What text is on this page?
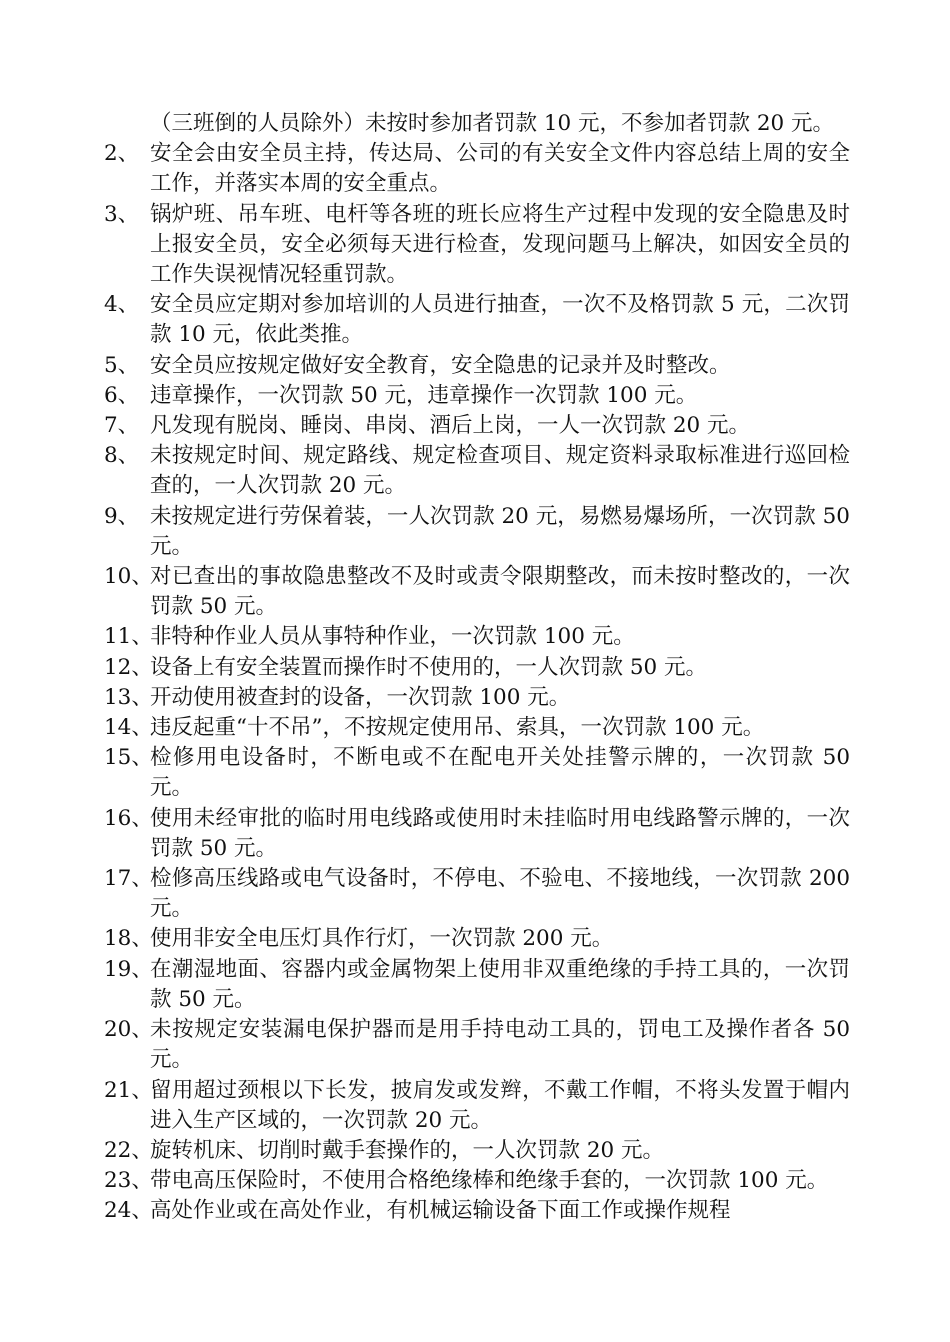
（三班倒的人员除外）未按时参加者罚款 10 元，不参加者罚款 20 元。
2、 安全会由安全员主持，传达局、公司的有关安全文件内容总结上周的安全工作，并落实本周的安全重点。
3、 锅炉班、吊车班、电杆等各班的班长应将生产过程中发现的安全隐患及时上报安全员，安全必须每天进行检查，发现问题马上解决，如因安全员的工作失误视情况轻重罚款。
4、 安全员应定期对参加培训的人员进行抽查，一次不及格罚款 5 元，二次罚款 10 元，依此类推。
5、 安全员应按规定做好安全教育，安全隐患的记录并及时整改。
6、 违章操作，一次罚款 50 元，违章操作一次罚款 100 元。
7、 凡发现有脱岗、睡岗、串岗、酒后上岗，一人一次罚款 20 元。
8、 未按规定时间、规定路线、规定检查项目、规定资料录取标准进行巡回检查的，一人次罚款 20 元。
9、 未按规定进行劳保着装，一人次罚款 20 元，易燃易爆场所，一次罚款 50 元。
10、
对已查出的事故隐患整改不及时或责令限期整改，而未按时整改的，一次罚款 50 元。
11、
非特种作业人员从事特种作业，一次罚款 100 元。
12、
设备上有安全装置而操作时不使用的，一人次罚款 50 元。
13、
开动使用被查封的设备，一次罚款 100 元。
14、
违反起重“十不吊”，不按规定使用吊、索具，一次罚款 100 元。
15、
检修用电设备时，不断电或不在配电开关处挂警示牌的，一次罚款 50 元。
16、
使用未经审批的临时用电线路或使用时未挂临时用电线路警示牌的，一次罚款 50 元。
17、
检修高压线路或电气设备时，不停电、不验电、不接地线，一次罚款 200 元。
18、
使用非安全电压灯具作行灯，一次罚款 200 元。
19、
在潮湿地面、容器内或金属物架上使用非双重绝缘的手持工具的，一次罚款 50 元。
20、
未按规定安装漏电保护器而是用手持电动工具的，罚电工及操作者各 50 元。
21、
留用超过颈根以下长发，披肩发或发辫，不戴工作帽，不将头发置于帽内进入生产区域的，一次罚款 20 元。
22、
旋转机床、切削时戴手套操作的，一人次罚款 20 元。
23、
带电高压保险时，不使用合格绝缘棒和绝缘手套的，一次罚款 100 元。
24、
高处作业或在高处作业，有机械运输设备下面工作或操作规程
